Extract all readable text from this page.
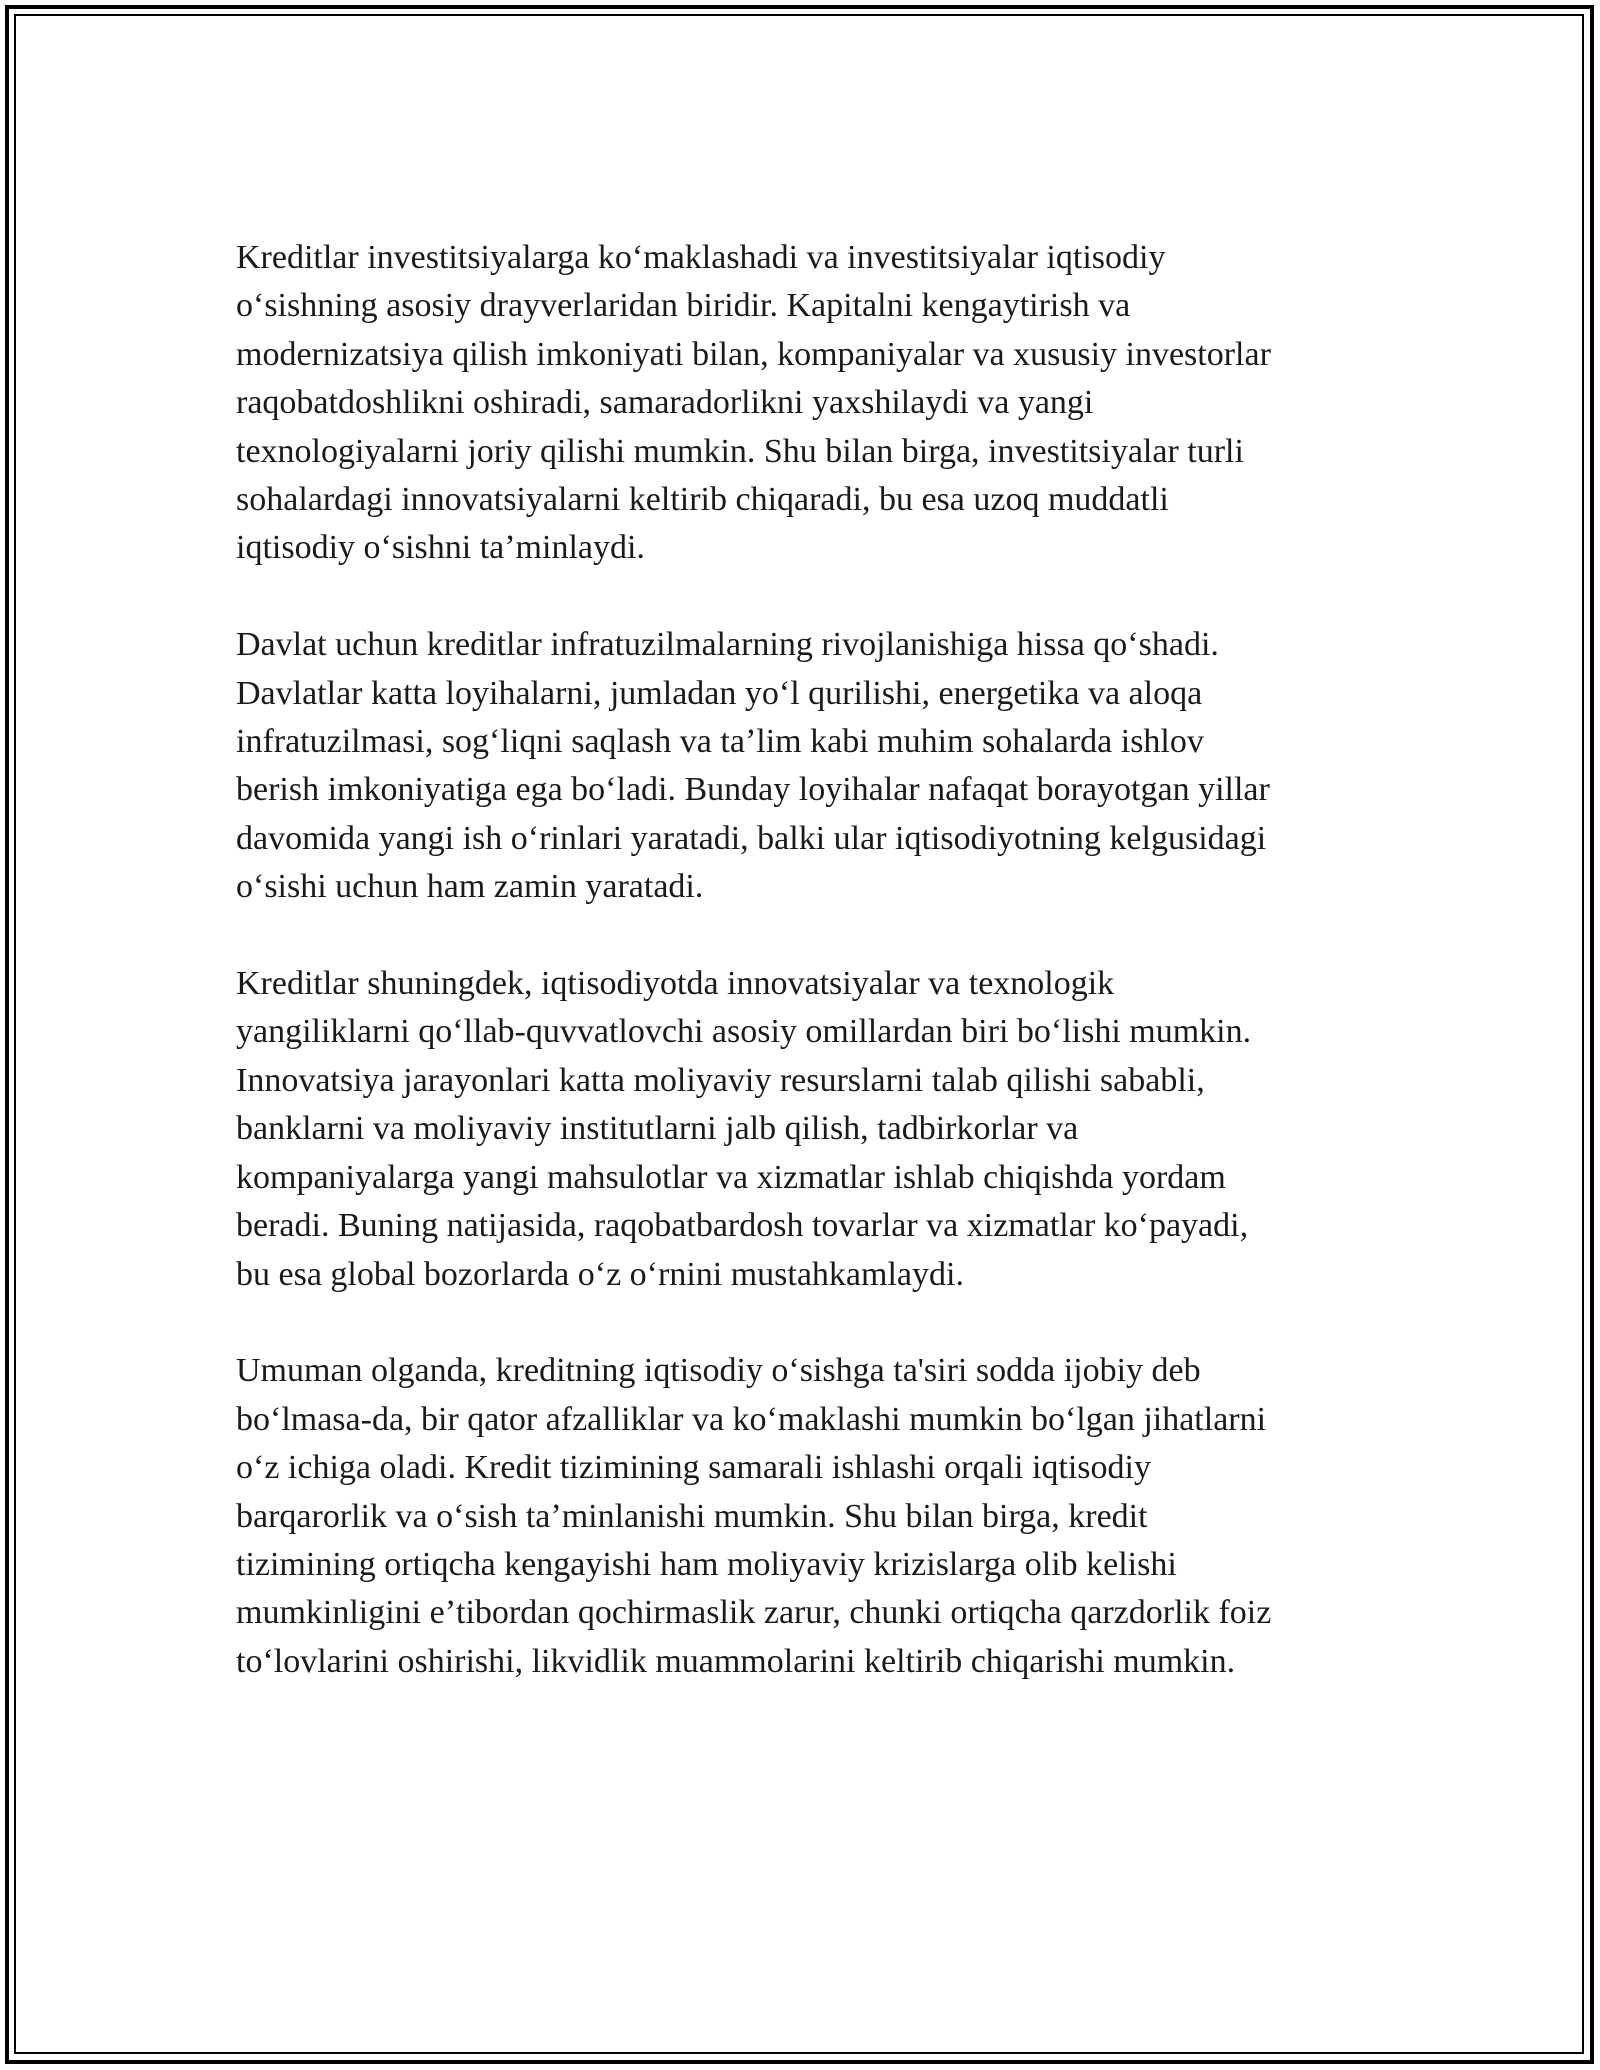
Kreditlar investitsiyalarga koʻmaklashadi va investitsiyalar iqtisodiy
oʻsishning asosiy drayverlaridan biridir. Kapitalni kengaytirish va
modernizatsiya qilish imkoniyati bilan, kompaniyalar va xususiy investorlar
raqobatdoshlikni oshiradi, samaradorlikni yaxshilaydi va yangi
texnologiyalarni joriy qilishi mumkin. Shu bilan birga, investitsiyalar turli
sohalardagi innovatsiyalarni keltirib chiqaradi, bu esa uzoq muddatli
iqtisodiy oʻsishni taʼminlaydi.

Davlat uchun kreditlar infratuzilmalarning rivojlanishiga hissa qoʻshadi.
Davlatlar katta loyihalarni, jumladan yoʻl qurilishi, energetika va aloqa
infratuzilmasi, sogʻliqni saqlash va taʼlim kabi muhim sohalarda ishlov
berish imkoniyatiga ega boʻladi. Bunday loyihalar nafaqat borayotgan yillar
davomida yangi ish oʻrinlari yaratadi, balki ular iqtisodiyotning kelgusidagi
oʻsishi uchun ham zamin yaratadi.

Kreditlar shuningdek, iqtisodiyotda innovatsiyalar va texnologik
yangiliklarni qoʻllab-quvvatlovchi asosiy omillardan biri boʻlishi mumkin.
Innovatsiya jarayonlari katta moliyaviy resurslarni talab qilishi sababli,
banklarni va moliyaviy institutlarni jalb qilish, tadbirkorlar va
kompaniyalarga yangi mahsulotlar va xizmatlar ishlab chiqishda yordam
beradi. Buning natijasida, raqobatbardosh tovarlar va xizmatlar koʻpayadi,
bu esa global bozorlarda oʻz oʻrnini mustahkamlaydi.

Umuman olganda, kreditning iqtisodiy oʻsishga ta'siri sodda ijobiy deb
boʻlmasa-da, bir qator afzalliklar va koʻmaklashi mumkin boʻlgan jihatlarni
oʻz ichiga oladi. Kredit tizimining samarali ishlashi orqali iqtisodiy
barqarorlik va oʻsish taʼminlanishi mumkin. Shu bilan birga, kredit
tizimining ortiqcha kengayishi ham moliyaviy krizislarga olib kelishi
mumkinligini eʼtibordan qochirmaslik zarur, chunki ortiqcha qarzdorlik foiz
toʻlovlarini oshirishi, likvidlik muammolarini keltirib chiqarishi mumkin.
